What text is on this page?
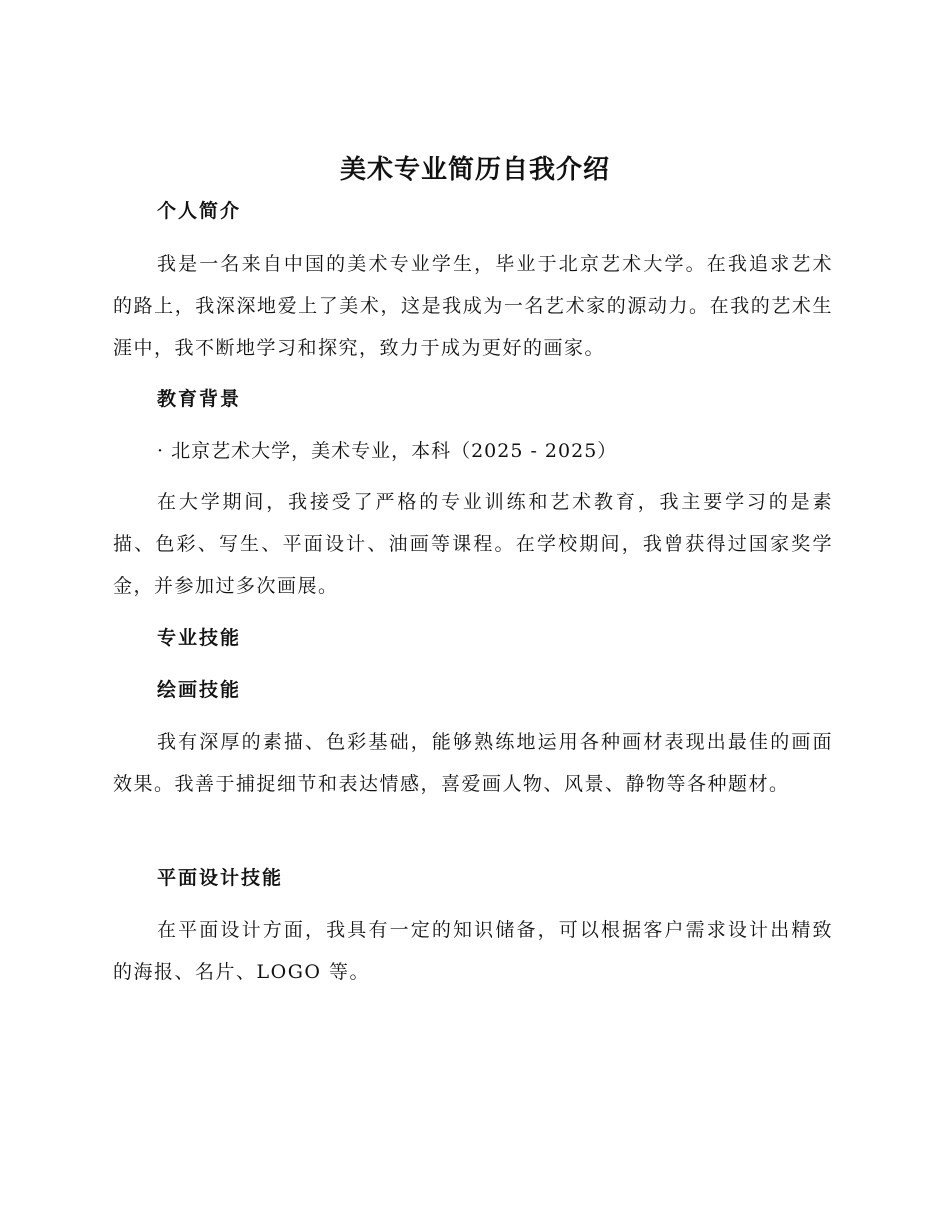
美术专业简历自我介绍
个人简介

我是一名来自中国的美术专业学生，毕业于北京艺术大学。在我追求艺术的路上，我深深地爱上了美术，这是我成为一名艺术家的源动力。在我的艺术生涯中，我不断地学习和探究，致力于成为更好的画家。

教育背景
· 北京艺术大学，美术专业，本科（2025 - 2025）

在大学期间，我接受了严格的专业训练和艺术教育，我主要学习的是素描、色彩、写生、平面设计、油画等课程。在学校期间，我曾获得过国家奖学金，并参加过多次画展。

专业技能
绘画技能

我有深厚的素描、色彩基础，能够熟练地运用各种画材表现出最佳的画面效果。我善于捕捉细节和表达情感，喜爱画人物、风景、静物等各种题材。

平面设计技能

在平面设计方面，我具有一定的知识储备，可以根据客户需求设计出精致的海报、名片、LOGO 等。
